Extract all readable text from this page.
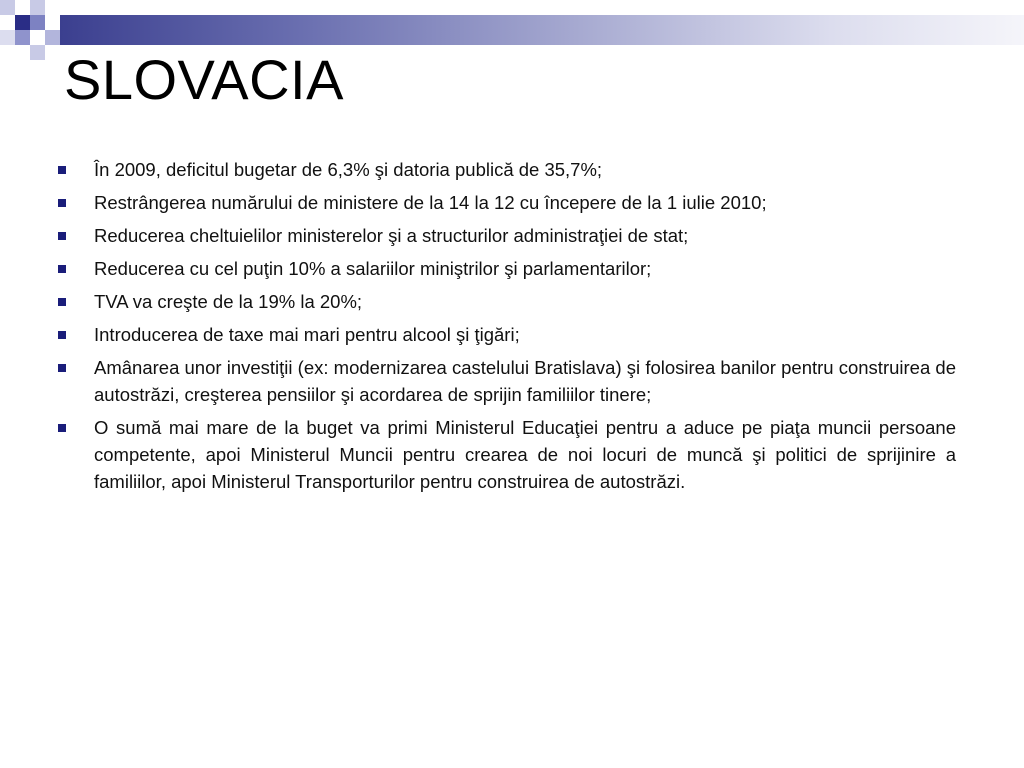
SLOVACIA
În 2009, deficitul bugetar de 6,3% şi datoria publică de 35,7%;
Restrângerea numărului de ministere de la 14 la 12 cu începere de la 1 iulie 2010;
Reducerea cheltuielilor ministerelor şi a structurilor administraţiei de stat;
Reducerea cu cel puţin 10% a salariilor miniştrilor şi parlamentarilor;
TVA va creşte de la 19% la 20%;
Introducerea de taxe mai mari pentru alcool şi ţigări;
Amânarea unor investiţii (ex: modernizarea castelului Bratislava) şi folosirea banilor pentru construirea de autostrăzi, creşterea pensiilor şi acordarea de sprijin familiilor tinere;
O sumă mai mare de la buget va primi Ministerul Educaţiei pentru a aduce pe piaţa muncii persoane competente, apoi Ministerul Muncii pentru crearea de noi locuri de muncă şi politici de sprijinire a familiilor, apoi Ministerul Transporturilor pentru construirea de autostrăzi.
